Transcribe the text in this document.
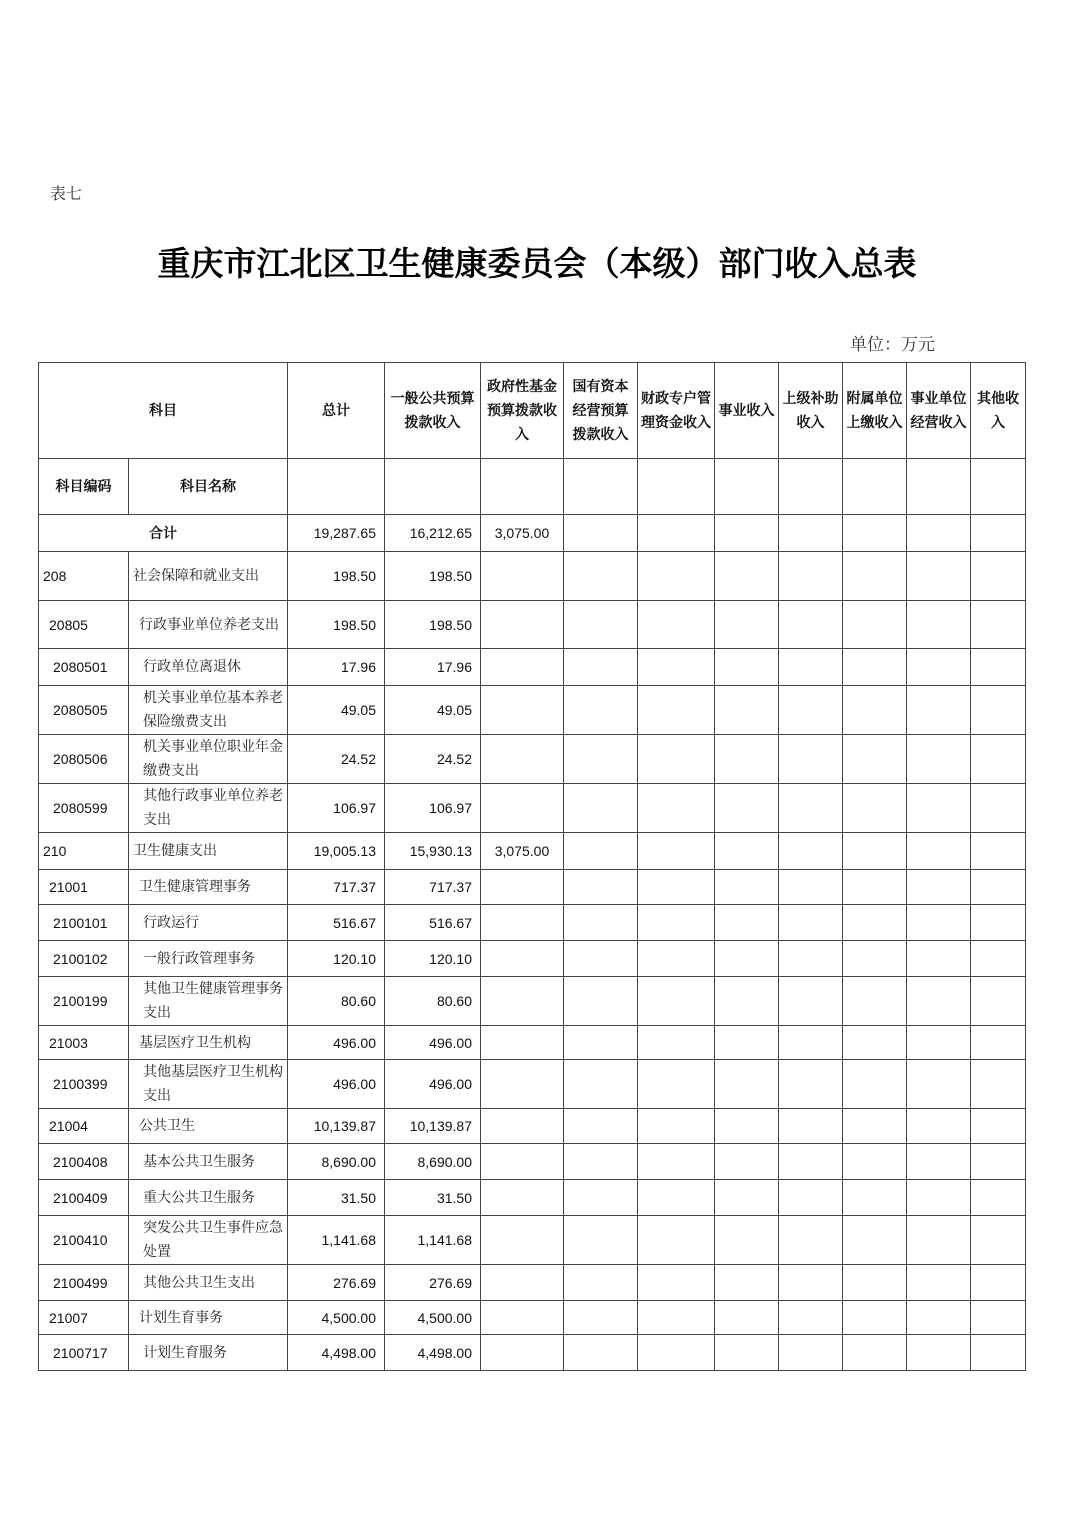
表七
重庆市江北区卫生健康委员会（本级）部门收入总表
单位：万元
科目		总计	一般公共预算拨款收入	政府性基金预算拨款收入	国有资本经营预算拨款收入	财政专户管理资金收入	事业收入	上级补助收入	附属单位上缴收入	事业单位经营收入	其他收入
科目编码	科目名称										
合计		19,287.65	16,212.65	3,075.00							
208	社会保障和就业支出	198.50	198.50								
20805	行政事业单位养老支出	198.50	198.50								
2080501	行政单位离退休	17.96	17.96								
2080505	机关事业单位基本养老保险缴费支出	49.05	49.05								
2080506	机关事业单位职业年金缴费支出	24.52	24.52								
2080599	其他行政事业单位养老支出	106.97	106.97								
210	卫生健康支出	19,005.13	15,930.13	3,075.00							
21001	卫生健康管理事务	717.37	717.37								
2100101	行政运行	516.67	516.67								
2100102	一般行政管理事务	120.10	120.10								
2100199	其他卫生健康管理事务支出	80.60	80.60								
21003	基层医疗卫生机构	496.00	496.00								
2100399	其他基层医疗卫生机构支出	496.00	496.00								
21004	公共卫生	10,139.87	10,139.87								
2100408	基本公共卫生服务	8,690.00	8,690.00								
2100409	重大公共卫生服务	31.50	31.50								
2100410	突发公共卫生事件应急处置	1,141.68	1,141.68								
2100499	其他公共卫生支出	276.69	276.69								
21007	计划生育事务	4,500.00	4,500.00								
2100717	计划生育服务	4,498.00	4,498.00								
